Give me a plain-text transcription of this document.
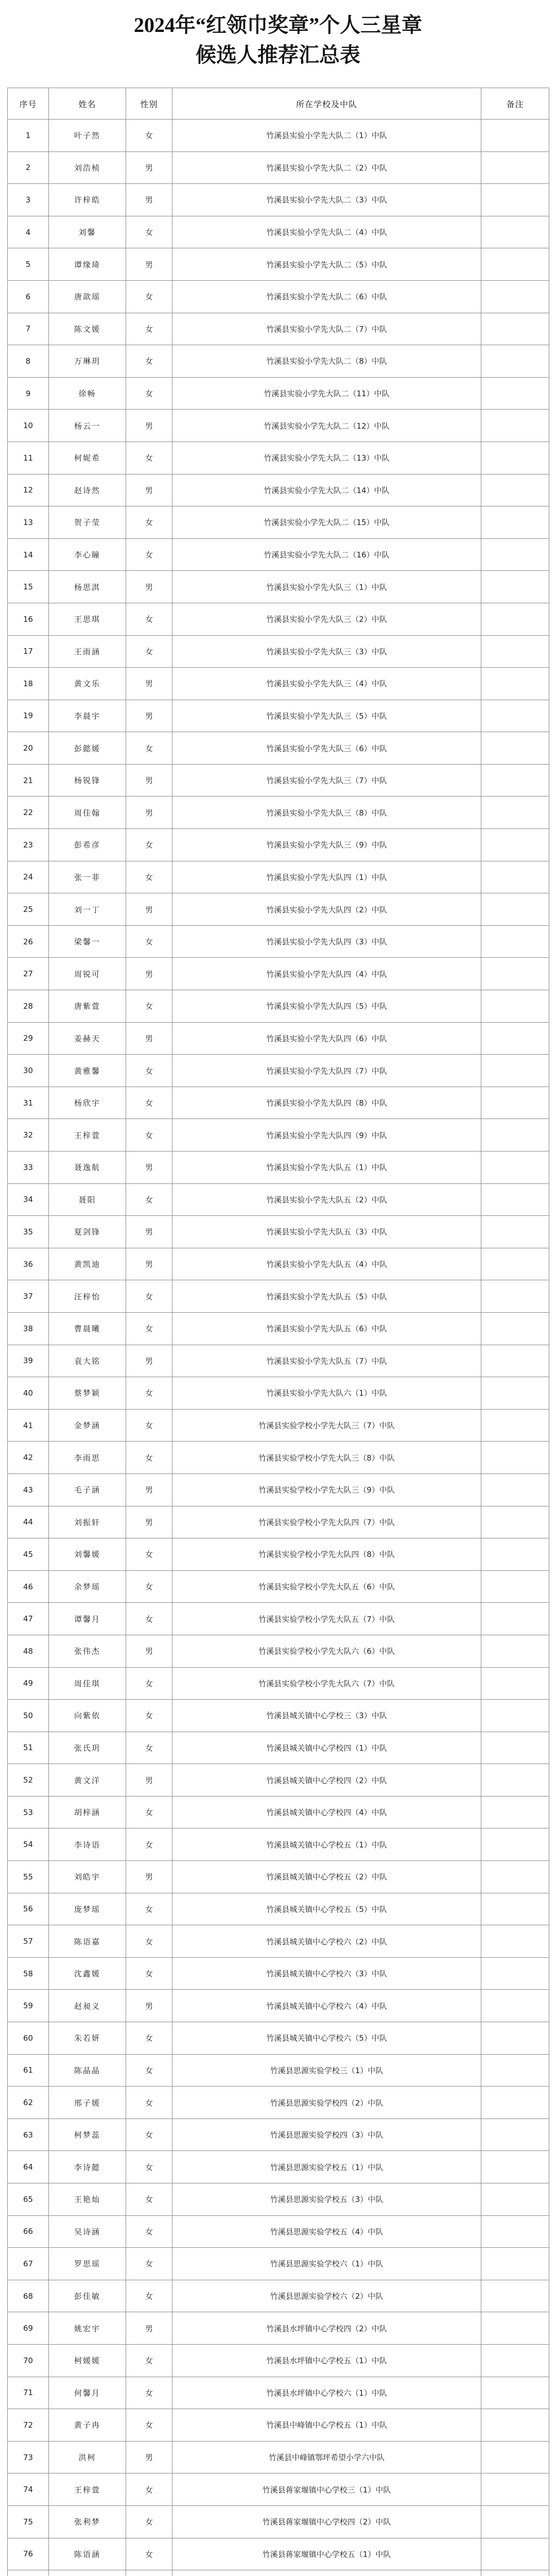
2024年“红领巾奖章”个人三星章
候选人推荐汇总表
序号	姓名	性别	所在学校及中队	备注
1	叶子然	女	竹溪县实验小学先大队二（1）中队	
2	刘浩桢	男	竹溪县实验小学先大队二（2）中队	
3	许梓皓	男	竹溪县实验小学先大队二（3）中队	
4	刘馨	女	竹溪县实验小学先大队二（4）中队	
5	谭缘琦	男	竹溪县实验小学先大队二（5）中队	
6	唐歆瑶	女	竹溪县实验小学先大队二（6）中队	
7	陈文媛	女	竹溪县实验小学先大队二（7）中队	
8	万琳玥	女	竹溪县实验小学先大队二（8）中队	
9	徐畅	女	竹溪县实验小学先大队二（11）中队	
10	杨云一	男	竹溪县实验小学先大队二（12）中队	
11	柯妮希	女	竹溪县实验小学先大队二（13）中队	
12	赵诗然	男	竹溪县实验小学先大队二（14）中队	
13	贺子莹	女	竹溪县实验小学先大队二（15）中队	
14	李心瞳	女	竹溪县实验小学先大队二（16）中队	
15	杨思淇	男	竹溪县实验小学先大队三（1）中队	
16	王思琪	女	竹溪县实验小学先大队三（2）中队	
17	王雨涵	女	竹溪县实验小学先大队三（3）中队	
18	黄文乐	男	竹溪县实验小学先大队三（4）中队	
19	李晨宇	男	竹溪县实验小学先大队三（5）中队	
20	彭懿媛	女	竹溪县实验小学先大队三（6）中队	
21	杨锐锋	男	竹溪县实验小学先大队三（7）中队	
22	周佳翰	男	竹溪县实验小学先大队三（8）中队	
23	彭希彦	女	竹溪县实验小学先大队三（9）中队	
24	张一菲	女	竹溪县实验小学先大队四（1）中队	
25	刘一丁	男	竹溪县实验小学先大队四（2）中队	
26	梁馨一	女	竹溪县实验小学先大队四（3）中队	
27	周锐可	男	竹溪县实验小学先大队四（4）中队	
28	唐紫萱	女	竹溪县实验小学先大队四（5）中队	
29	姜赫天	男	竹溪县实验小学先大队四（6）中队	
30	黄雅馨	女	竹溪县实验小学先大队四（7）中队	
31	杨欣宇	女	竹溪县实验小学先大队四（8）中队	
32	王梓萱	女	竹溪县实验小学先大队四（9）中队	
33	聂逸航	男	竹溪县实验小学先大队五（1）中队	
34	聂阳	女	竹溪县实验小学先大队五（2）中队	
35	夏剑锋	男	竹溪县实验小学先大队五（3）中队	
36	黄凯迪	男	竹溪县实验小学先大队五（4）中队	
37	汪梓怡	女	竹溪县实验小学先大队五（5）中队	
38	曹晨曦	女	竹溪县实验小学先大队五（6）中队	
39	袁大铭	男	竹溪县实验小学先大队五（7）中队	
40	蔡梦颖	女	竹溪县实验小学先大队六（1）中队	
41	金梦涵	女	竹溪县实验学校小学先大队三（7）中队	
42	李雨思	女	竹溪县实验学校小学先大队三（8）中队	
43	毛子涵	男	竹溪县实验学校小学先大队三（9）中队	
44	刘振轩	男	竹溪县实验学校小学先大队四（7）中队	
45	刘馨媛	女	竹溪县实验学校小学先大队四（8）中队	
46	余梦瑶	女	竹溪县实验学校小学先大队五（6）中队	
47	谭馨月	女	竹溪县实验学校小学先大队五（7）中队	
48	张伟杰	男	竹溪县实验学校小学先大队六（6）中队	
49	周佳琪	女	竹溪县实验学校小学先大队六（7）中队	
50	向紫依	女	竹溪县城关镇中心学校三（3）中队	
51	张氏玥	女	竹溪县城关镇中心学校四（1）中队	
52	黄文洋	男	竹溪县城关镇中心学校四（2）中队	
53	胡梓涵	女	竹溪县城关镇中心学校四（4）中队	
54	李诗语	女	竹溪县城关镇中心学校五（1）中队	
55	刘皓宇	男	竹溪县城关镇中心学校五（2）中队	
56	庞梦瑶	女	竹溪县城关镇中心学校五（5）中队	
57	陈语嘉	女	竹溪县城关镇中心学校六（2）中队	
58	沈鑫媛	女	竹溪县城关镇中心学校六（3）中队	
59	赵昶义	男	竹溪县城关镇中心学校六（4）中队	
60	朱若妍	女	竹溪县城关镇中心学校六（5）中队	
61	陈晶晶	女	竹溪县思源实验学校三（1）中队	
62	邢子媛	女	竹溪县思源实验学校四（2）中队	
63	柯梦蕊	女	竹溪县思源实验学校四（3）中队	
64	李诗懿	女	竹溪县思源实验学校五（1）中队	
65	王艳灿	女	竹溪县思源实验学校五（3）中队	
66	吴诗涵	女	竹溪县思源实验学校五（4）中队	
67	罗思瑶	女	竹溪县思源实验学校六（1）中队	
68	彭佳敏	女	竹溪县思源实验学校六（2）中队	
69	姚宏宇	男	竹溪县水坪镇中心学校四（2）中队	
70	柯媛媛	女	竹溪县水坪镇中心学校五（1）中队	
71	何馨月	女	竹溪县水坪镇中心学校六（1）中队	
72	黄子冉	女	竹溪县中峰镇中心学校五（1）中队	
73	洪柯	男	竹溪县中峰镇鄂坪希望小学六中队	
74	王梓萱	女	竹溪县蒋家堰镇中心学校三（1）中队	
75	张利梦	女	竹溪县蒋家堰镇中心学校四（2）中队	
76	陈语涵	女	竹溪县蒋家堰镇中心学校五（1）中队	
